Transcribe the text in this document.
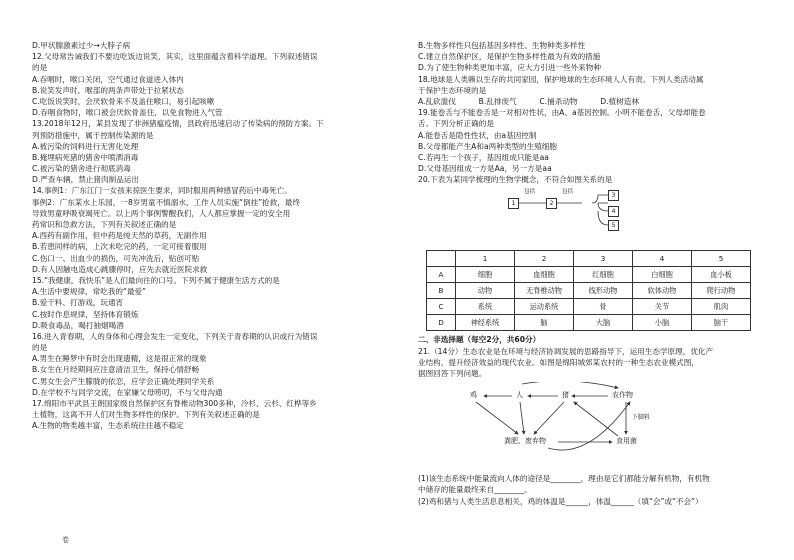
D.甲状腺激素过少→大脖子病
12.父母常告诫我们不要边吃饭边说笑，其实，这里面蕴含着科学道理。下列叙述错误
的是
A.吞咽时，喉口关闭，空气通过食道进入体内
B.说笑发声时，喉部的两条声带处于拉紧状态
C.吃饭说笑时，会厌软骨来不及盖住喉口，易引起咳嗽
D.吞咽食物时，喉口被会厌软骨盖住，以免食物进入气管
13.2018年12月，某县发现了非洲猪瘟疫情，县政府迅速启动了传染病的预防方案。下
列预防措施中，属于控制传染源的是
A.被污染的饲料进行无害化处理
B.掩埋病死猪的猪舍中喷洒消毒
C.被污染的猪舍进行彻底消毒
D.严查车辆，禁止猪肉制品运出
14.事例1：广东江门一女孩来掠医生要求，同时服用两种感冒药后中毒死亡。
事例2：广东某水上乐园，一8岁男童不慎溺水，工作人员实施“倒挂”抢救，最终
导致男童呼吸衰竭死亡。以上两个事例警醒我们，人人都应掌握一定的安全用
药常识和急救方法，下列有关叙述正确的是
A.西药有副作用，但中药是纯天然的草药，无副作用
B.若患同样的病，上次未吃完的药，一定可接着服用
C.伤口一、出血少的损伤，可先冲洗后，贴创可贴
D.有人因触电造成心跳骤停时，应先去就近医院求救
15.“我健康，我快乐”是人们最向往的口号。下列不属于健康生活方式的是
A.生活中要规律，常吃我的“最爱”
B.爱干料、打游戏，玩通宵
C.按时作息规律，坚持体育锻炼
D.吸食毒品，喝打抽烟喝酒
16.进入青春期，人的身体和心理会发生一定变化，下列关于青春期的认识或行为错误
的是
A.男生在睡梦中有时会出现遗精，这是很正常的现象
B.女生在月经期间应注意清洁卫生，保持心情舒畅
C.男女生会产生朦胧的依恋，应学会正确处理同学关系
D.在学校不与同学交流，在家嫌父母唠叨，不与父母沟通
17.绵阳市平武县王朗国家级自然保护区有脊椎动物300多种，冷杉、云杉、红桦等乡
土植物，这离不开人们对生物多样性的保护。下列有关叙述正确的是
A.生物的物类越丰富，生态系统往往越不稳定
B.生物多样性只包括基因多样性、生物种类多样性
C.建立自然保护区，是保护生物多样性最为有效的措施
D.为了使生物种类更加丰富，应大力引进一些外来物种
18.地球是人类赖以生存的共同家园，保护地球的生态环境人人有责。下列人类活动属
于保护生态环境的是
A.乱砍滥伐　　　B.乱排废气　　　C.捕杀动物　　　D.植树造林
19.能卷舌与不能卷舌是一对相对性状，由A、a基因控制。小明不能卷舌，父母却能卷
舌。下列分析正确的是
A.能卷舌是隐性性状，由a基因控制
B.父母都能产生A和a两种类型的生殖细胞
C.若再生一个孩子，基因组成只能是aa
D.父母基因组成一方是Aa，另一方是aa
20.下表为某同学梳理的生物学概念，不符合如图关系的是
1	2
包括	包括	3
4
5
	1	2	3	4	5
A	细胞	血细胞	红细胞	白细胞	血小板
B	动物	无脊椎动物	线形动物	软体动物	爬行动物
C	系统	运动系统	骨	关节	肌肉
D	神经系统	脑	大脑	小脑	脑干
二、非选择题（每空2分，共60分）
21.（14分）生态农业是在环境与经济协调发展的思路指导下，运用生态学原理，优化产
业结构，提升经济效益的现代农业。如图是绵阳城郊某农村的一种生态农业模式图，
据图回答下列问题。
鸡	人	猪	农作物
粪肥、废弃物	食用菌
下脚料
(1)该生态系统中能量流向人体的途径是________，理由是它们都能分解有机物，有机物
中储存的能量最终来自________。
(2)鸡和猪与人类生活息息相关，鸡的体温是______，体温______（填“会”或“不会”）
卷
